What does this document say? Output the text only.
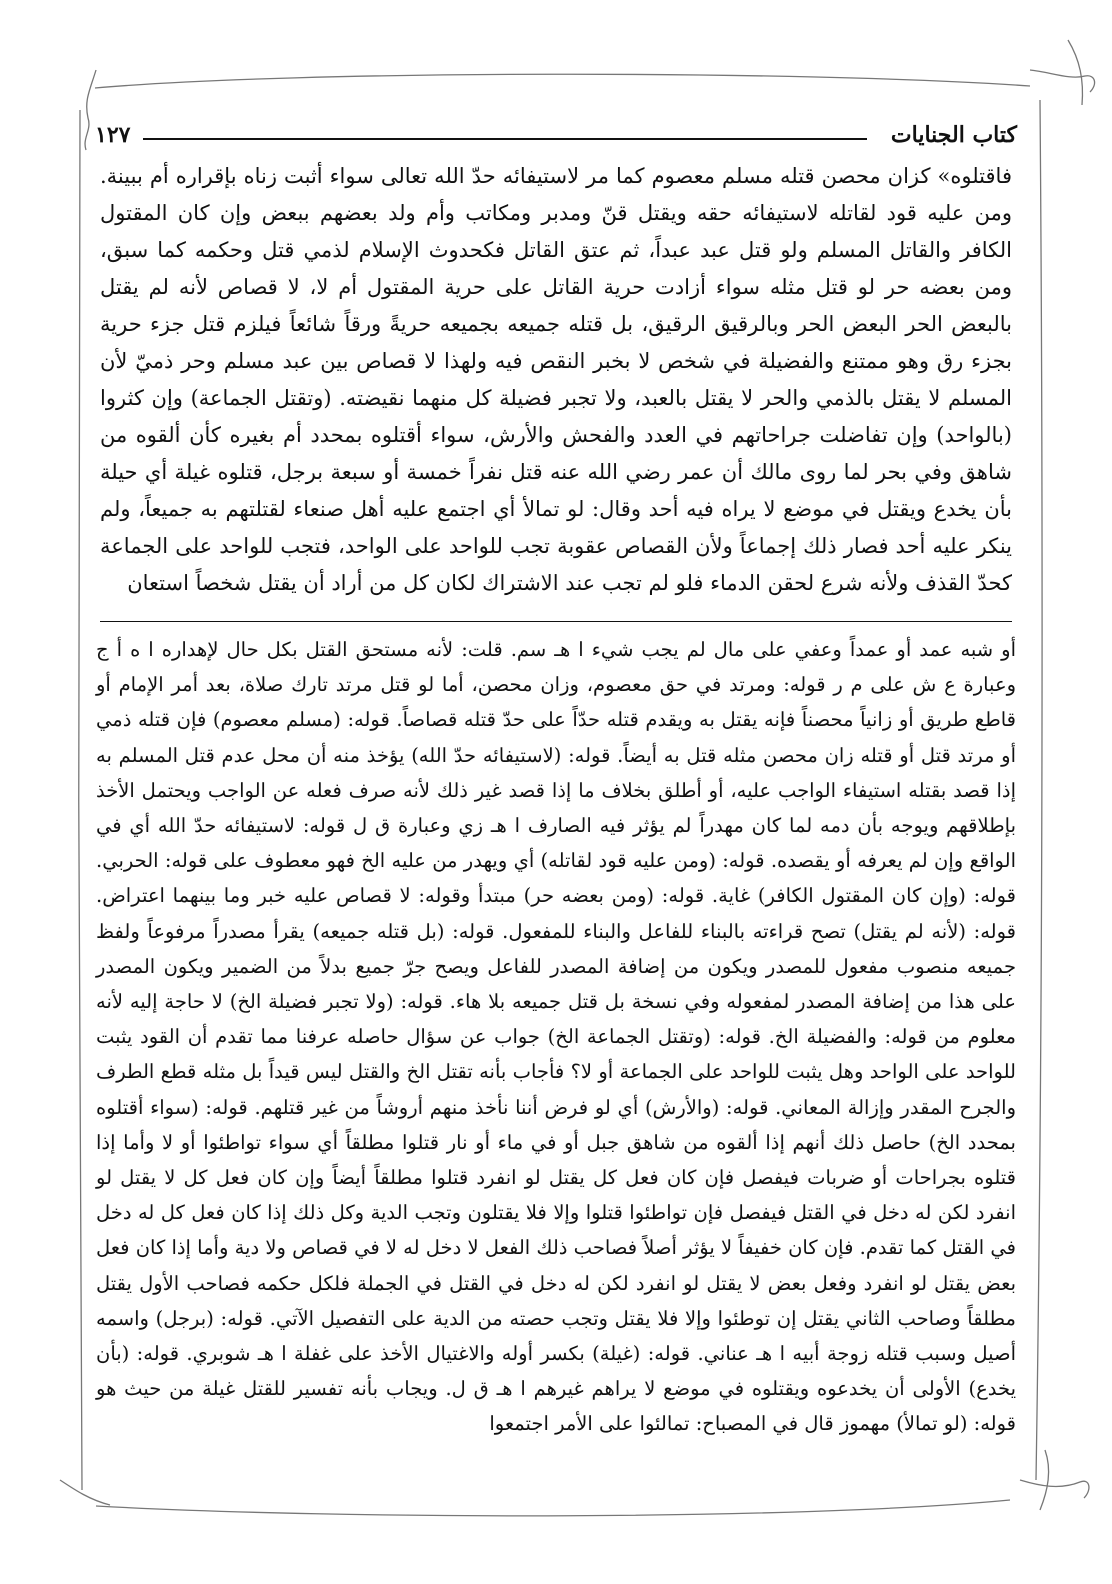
كتاب الجنايات
١٢٧

فاقتلوه» كزان محصن قتله مسلم معصوم كما مر لاستيفائه حدّ الله تعالى سواء أثبت زناه بإقراره أم ببينة. ومن عليه قود لقاتله لاستيفائه حقه ويقتل قنّ ومدبر ومكاتب وأم ولد بعضهم ببعض وإن كان المقتول الكافر والقاتل المسلم ولو قتل عبد عبداً، ثم عتق القاتل فكحدوث الإسلام لذمي قتل وحكمه كما سبق، ومن بعضه حر لو قتل مثله سواء أزادت حرية القاتل على حرية المقتول أم لا، لا قصاص لأنه لم يقتل بالبعض الحر البعض الحر وبالرقيق الرقيق، بل قتله جميعه بجميعه حريةً ورقاً شائعاً فيلزم قتل جزء حرية بجزء رق وهو ممتنع والفضيلة في شخص لا بخبر النقص فيه ولهذا لا قصاص بين عبد مسلم وحر ذميّ لأن المسلم لا يقتل بالذمي والحر لا يقتل بالعبد، ولا تجبر فضيلة كل منهما نقيضته. (وتقتل الجماعة) وإن كثروا (بالواحد) وإن تفاضلت جراحاتهم في العدد والفحش والأرش، سواء أقتلوه بمحدد أم بغيره كأن ألقوه من شاهق وفي بحر لما روى مالك أن عمر رضي الله عنه قتل نفراً خمسة أو سبعة برجل، قتلوه غيلة أي حيلة بأن يخدع ويقتل في موضع لا يراه فيه أحد وقال: لو تمالأ أي اجتمع عليه أهل صنعاء لقتلتهم به جميعاً، ولم ينكر عليه أحد فصار ذلك إجماعاً ولأن القصاص عقوبة تجب للواحد على الواحد، فتجب للواحد على الجماعة كحدّ القذف ولأنه شرع لحقن الدماء فلو لم تجب عند الاشتراك لكان كل من أراد أن يقتل شخصاً استعان

أو شبه عمد أو عمداً وعفي على مال لم يجب شيء ا هـ سم. قلت: لأنه مستحق القتل بكل حال لإهداره ا ه أ ج وعبارة ع ش على م ر قوله: ومرتد في حق معصوم، وزان محصن، أما لو قتل مرتد تارك صلاة، بعد أمر الإمام أو قاطع طريق أو زانياً محصناً فإنه يقتل به ويقدم قتله حدّاً على حدّ قتله قصاصاً. قوله: (مسلم معصوم) فإن قتله ذمي أو مرتد قتل أو قتله زان محصن مثله قتل به أيضاً. قوله: (لاستيفائه حدّ الله) يؤخذ منه أن محل عدم قتل المسلم به إذا قصد بقتله استيفاء الواجب عليه، أو أطلق بخلاف ما إذا قصد غير ذلك لأنه صرف فعله عن الواجب ويحتمل الأخذ بإطلاقهم ويوجه بأن دمه لما كان مهدراً لم يؤثر فيه الصارف ا هـ زي وعبارة ق ل قوله: لاستيفائه حدّ الله أي في الواقع وإن لم يعرفه أو يقصده. قوله: (ومن عليه قود لقاتله) أي ويهدر من عليه الخ فهو معطوف على قوله: الحربي. قوله: (وإن كان المقتول الكافر) غاية. قوله: (ومن بعضه حر) مبتدأ وقوله: لا قصاص عليه خبر وما بينهما اعتراض. قوله: (لأنه لم يقتل) تصح قراءته بالبناء للفاعل والبناء للمفعول. قوله: (بل قتله جميعه) يقرأ مصدراً مرفوعاً ولفظ جميعه منصوب مفعول للمصدر ويكون من إضافة المصدر للفاعل ويصح جرّ جميع بدلاً من الضمير ويكون المصدر على هذا من إضافة المصدر لمفعوله وفي نسخة بل قتل جميعه بلا هاء. قوله: (ولا تجبر فضيلة الخ) لا حاجة إليه لأنه معلوم من قوله: والفضيلة الخ. قوله: (وتقتل الجماعة الخ) جواب عن سؤال حاصله عرفنا مما تقدم أن القود يثبت للواحد على الواحد وهل يثبت للواحد على الجماعة أو لا؟ فأجاب بأنه تقتل الخ والقتل ليس قيداً بل مثله قطع الطرف والجرح المقدر وإزالة المعاني. قوله: (والأرش) أي لو فرض أننا نأخذ منهم أروشاً من غير قتلهم. قوله: (سواء أقتلوه بمحدد الخ) حاصل ذلك أنهم إذا ألقوه من شاهق جبل أو في ماء أو نار قتلوا مطلقاً أي سواء تواطئوا أو لا وأما إذا قتلوه بجراحات أو ضربات فيفصل فإن كان فعل كل يقتل لو انفرد قتلوا مطلقاً أيضاً وإن كان فعل كل لا يقتل لو انفرد لكن له دخل في القتل فيفصل فإن تواطئوا قتلوا وإلا فلا يقتلون وتجب الدية وكل ذلك إذا كان فعل كل له دخل في القتل كما تقدم. فإن كان خفيفاً لا يؤثر أصلاً فصاحب ذلك الفعل لا دخل له لا في قصاص ولا دية وأما إذا كان فعل بعض يقتل لو انفرد وفعل بعض لا يقتل لو انفرد لكن له دخل في القتل في الجملة فلكل حكمه فصاحب الأول يقتل مطلقاً وصاحب الثاني يقتل إن توطئوا وإلا فلا يقتل وتجب حصته من الدية على التفصيل الآتي. قوله: (برجل) واسمه أصيل وسبب قتله زوجة أبيه ا هـ عناني. قوله: (غيلة) بكسر أوله والاغتيال الأخذ على غفلة ا هـ شوبري. قوله: (بأن يخدع) الأولى أن يخدعوه ويقتلوه في موضع لا يراهم غيرهم ا هـ ق ل. ويجاب بأنه تفسير للقتل غيلة من حيث هو قوله: (لو تمالأ) مهموز قال في المصباح: تمالئوا على الأمر اجتمعوا
